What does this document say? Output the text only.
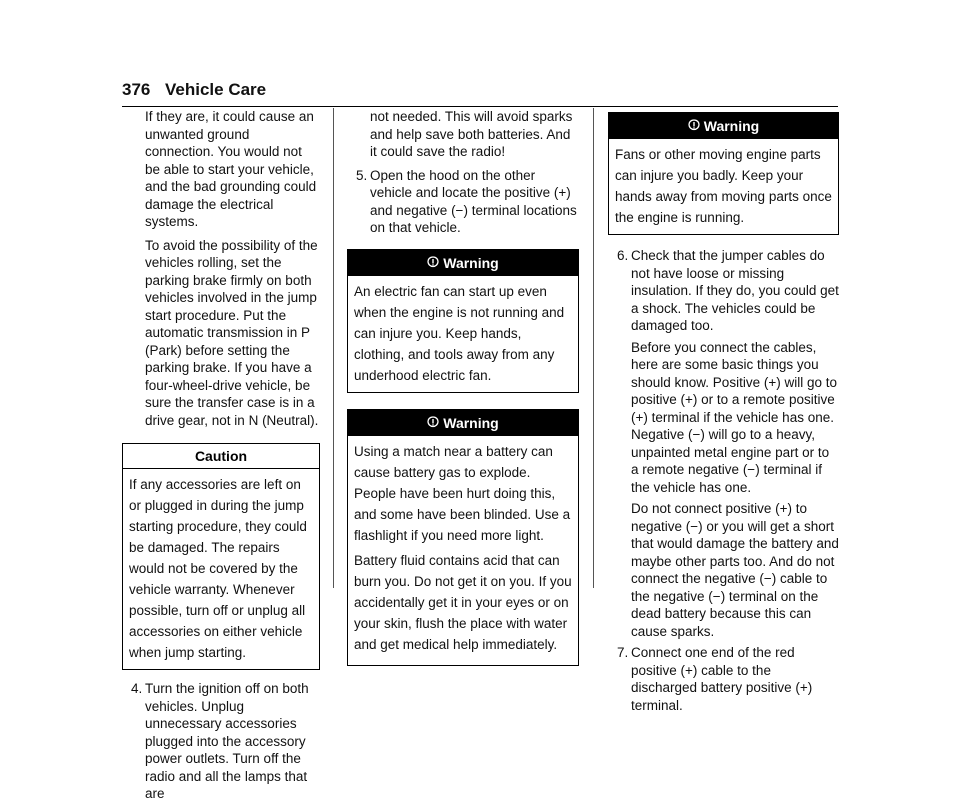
376 Vehicle Care

If they are, it could cause an unwanted ground connection. You would not be able to start your vehicle, and the bad grounding could damage the electrical systems.

To avoid the possibility of the vehicles rolling, set the parking brake firmly on both vehicles involved in the jump start procedure. Put the automatic transmission in P (Park) before setting the parking brake. If you have a four-wheel-drive vehicle, be sure the transfer case is in a drive gear, not in N (Neutral).

Caution
If any accessories are left on or plugged in during the jump starting procedure, they could be damaged. The repairs would not be covered by the vehicle warranty. Whenever possible, turn off or unplug all accessories on either vehicle when jump starting.

4. Turn the ignition off on both vehicles. Unplug unnecessary accessories plugged into the accessory power outlets. Turn off the radio and all the lamps that are

not needed. This will avoid sparks and help save both batteries. And it could save the radio!

5. Open the hood on the other vehicle and locate the positive (+) and negative (−) terminal locations on that vehicle.

Warning
An electric fan can start up even when the engine is not running and can injure you. Keep hands, clothing, and tools away from any underhood electric fan.
Warning

Using a match near a battery can cause battery gas to explode. People have been hurt doing this, and some have been blinded. Use a flashlight if you need more light.

Battery fluid contains acid that can burn you. Do not get it on you. If you accidentally get it in your eyes or on your skin, flush the place with water and get medical help immediately.

Warning
Fans or other moving engine parts can injure you badly. Keep your hands away from moving parts once the engine is running.

6. Check that the jumper cables do not have loose or missing insulation. If they do, you could get a shock. The vehicles could be damaged too.

Before you connect the cables, here are some basic things you should know. Positive (+) will go to positive (+) or to a remote positive (+) terminal if the vehicle has one. Negative (−) will go to a heavy, unpainted metal engine part or to a remote negative (−) terminal if the vehicle has one.

Do not connect positive (+) to negative (−) or you will get a short that would damage the battery and maybe other parts too. And do not connect the negative (−) cable to the negative (−) terminal on the dead battery because this can cause sparks.

7. Connect one end of the red positive (+) cable to the discharged battery positive (+) terminal.
